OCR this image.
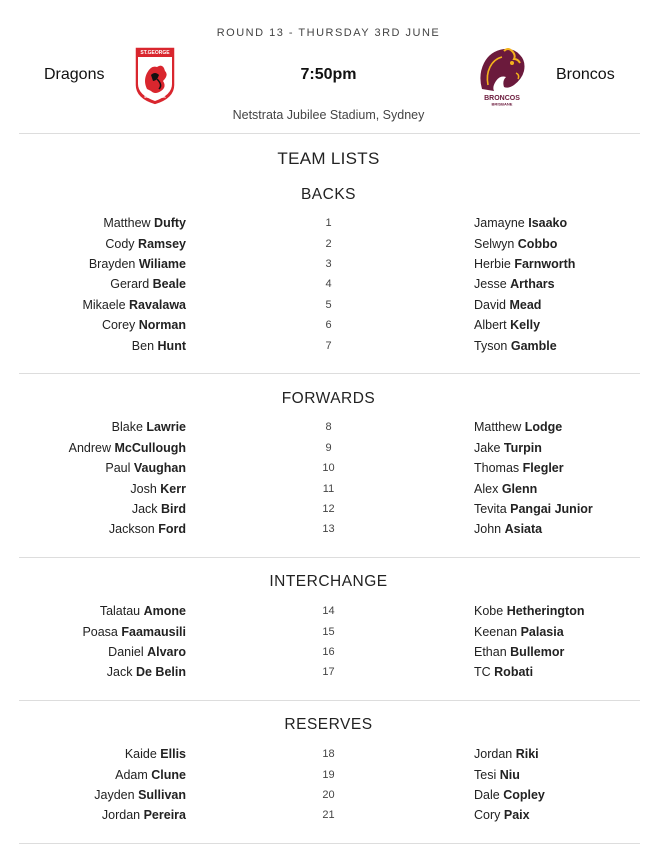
ROUND 13 - THURSDAY 3RD JUNE
Dragons
ST.GEORGE
ILLAWARRA
7:50pm
BRONCOS
BRISBANE
Broncos
Netstrata Jubilee Stadium, Sydney
TEAM LISTS
BACKS
Matthew Dufty	1	Jamayne Isaako
Cody Ramsey	2	Selwyn Cobbo
Brayden Wiliame	3	Herbie Farnworth
Gerard Beale	4	Jesse Arthars
Mikaele Ravalawa	5	David Mead
Corey Norman	6	Albert Kelly
Ben Hunt	7	Tyson Gamble
FORWARDS
Blake Lawrie	8	Matthew Lodge
Andrew McCullough	9	Jake Turpin
Paul Vaughan	10	Thomas Flegler
Josh Kerr	11	Alex Glenn
Jack Bird	12	Tevita Pangai Junior
Jackson Ford	13	John Asiata
INTERCHANGE
Talatau Amone	14	Kobe Hetherington
Poasa Faamausili	15	Keenan Palasia
Daniel Alvaro	16	Ethan Bullemor
Jack De Belin	17	TC Robati
RESERVES
Kaide Ellis	18	Jordan Riki
Adam Clune	19	Tesi Niu
Jayden Sullivan	20	Dale Copley
Jordan Pereira	21	Cory Paix
